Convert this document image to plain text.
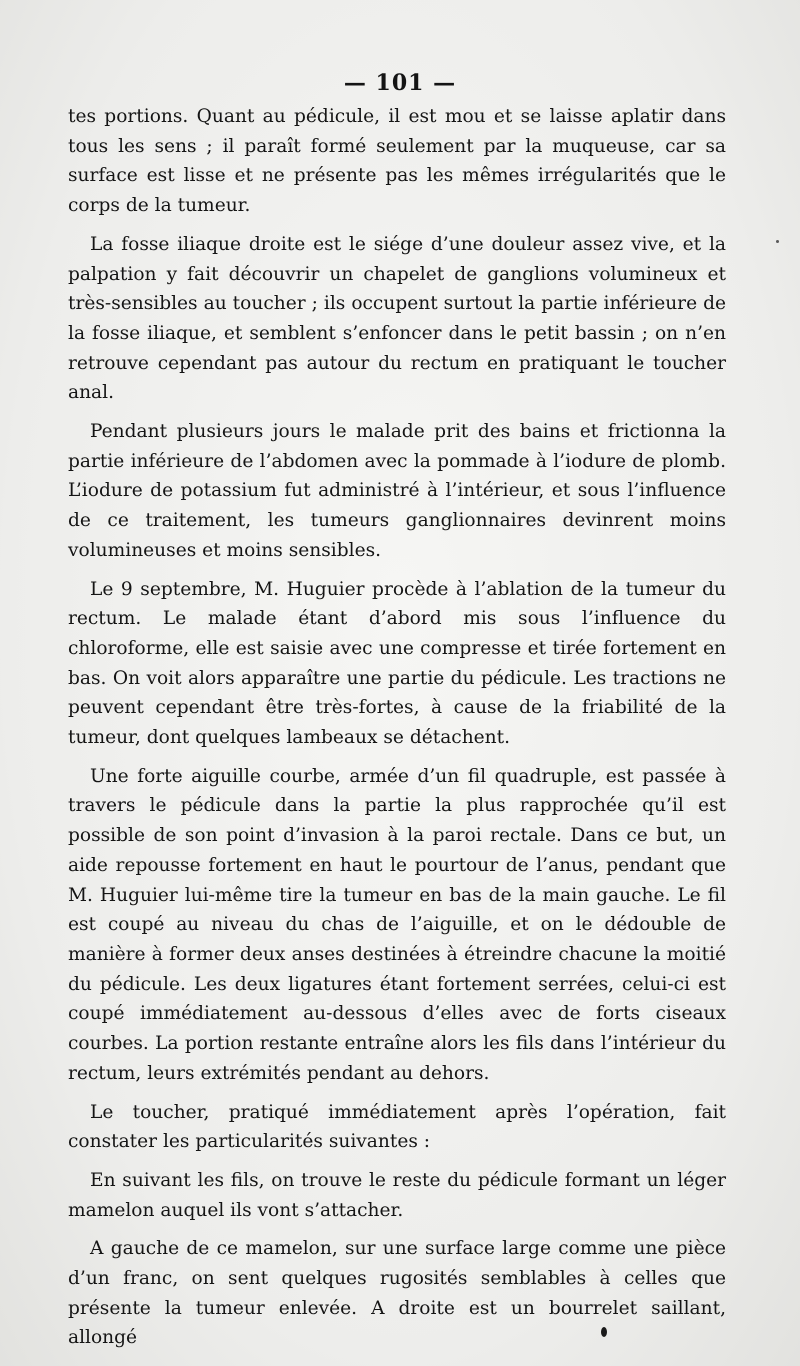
— 101 —

tes portions. Quant au pédicule, il est mou et se laisse aplatir dans tous les sens ; il paraît formé seulement par la muqueuse, car sa surface est lisse et ne présente pas les mêmes irrégularités que le corps de la tumeur.

La fosse iliaque droite est le siége d’une douleur assez vive, et la palpation y fait découvrir un chapelet de ganglions volumineux et très-sensibles au toucher ; ils occupent surtout la partie inférieure de la fosse iliaque, et semblent s’enfoncer dans le petit bassin ; on n’en retrouve cependant pas autour du rectum en pratiquant le toucher anal.

Pendant plusieurs jours le malade prit des bains et frictionna la partie inférieure de l’abdomen avec la pommade à l’iodure de plomb. L’iodure de potassium fut administré à l’intérieur, et sous l’influence de ce traitement, les tumeurs ganglionnaires devinrent moins volumineuses et moins sensibles.

Le 9 septembre, M. Huguier procède à l’ablation de la tumeur du rectum. Le malade étant d’abord mis sous l’influence du chloroforme, elle est saisie avec une compresse et tirée fortement en bas. On voit alors apparaître une partie du pédicule. Les tractions ne peuvent cependant être très-fortes, à cause de la friabilité de la tumeur, dont quelques lambeaux se détachent.

Une forte aiguille courbe, armée d’un fil quadruple, est passée à travers le pédicule dans la partie la plus rapprochée qu’il est possible de son point d’invasion à la paroi rectale. Dans ce but, un aide repousse fortement en haut le pourtour de l’anus, pendant que M. Huguier lui-même tire la tumeur en bas de la main gauche. Le fil est coupé au niveau du chas de l’aiguille, et on le dédouble de manière à former deux anses destinées à étreindre chacune la moitié du pédicule. Les deux ligatures étant fortement serrées, celui-ci est coupé immédiatement au-dessous d’elles avec de forts ciseaux courbes. La portion restante entraîne alors les fils dans l’intérieur du rectum, leurs extrémités pendant au dehors.

Le toucher, pratiqué immédiatement après l’opération, fait constater les particularités suivantes :

En suivant les fils, on trouve le reste du pédicule formant un léger mamelon auquel ils vont s’attacher.

A gauche de ce mamelon, sur une surface large comme une pièce d’un franc, on sent quelques rugosités semblables à celles que présente la tumeur enlevée. A droite est un bourrelet saillant, allongé
